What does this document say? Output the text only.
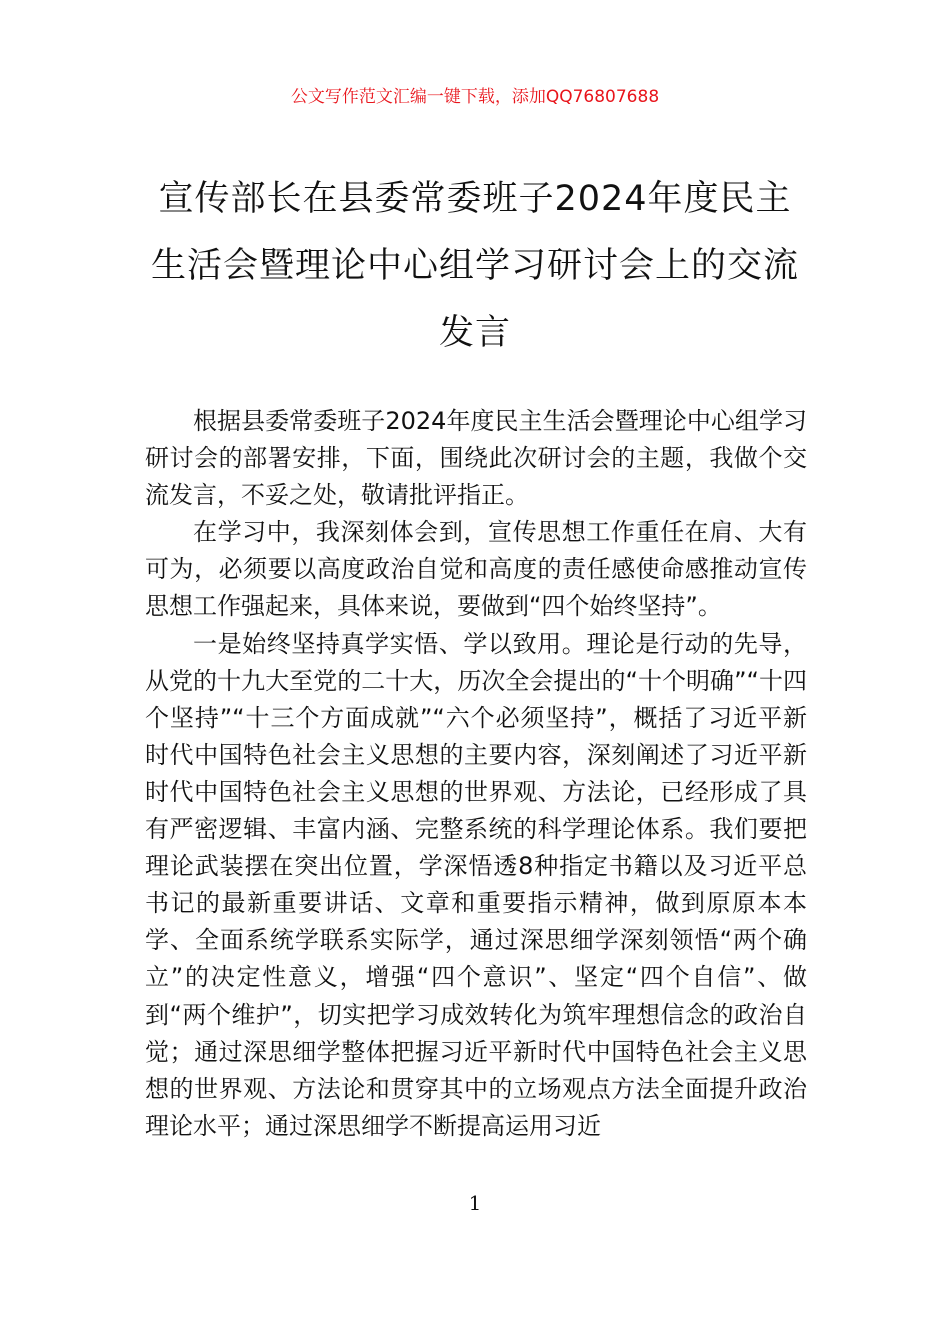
公文写作范文汇编一键下载，添加QQ76807688
宣传部长在县委常委班子2024年度民主生活会暨理论中心组学习研讨会上的交流发言

根据县委常委班子2024年度民主生活会暨理论中心组学习研讨会的部署安排，下面，围绕此次研讨会的主题，我做个交流发言，不妥之处，敬请批评指正。

在学习中，我深刻体会到，宣传思想工作重任在肩、大有可为，必须要以高度政治自觉和高度的责任感使命感推动宣传思想工作强起来，具体来说，要做到“四个始终坚持”。

一是始终坚持真学实悟、学以致用。理论是行动的先导，从党的十九大至党的二十大，历次全会提出的“十个明确”“十四个坚持”“十三个方面成就”“六个必须坚持”，概括了习近平新时代中国特色社会主义思想的主要内容，深刻阐述了习近平新时代中国特色社会主义思想的世界观、方法论，已经形成了具有严密逻辑、丰富内涵、完整系统的科学理论体系。我们要把理论武装摆在突出位置，学深悟透8种指定书籍以及习近平总书记的最新重要讲话、文章和重要指示精神，做到原原本本学、全面系统学联系实际学，通过深思细学深刻领悟“两个确立”的决定性意义，增强“四个意识”、坚定“四个自信”、做到“两个维护”，切实把学习成效转化为筑牢理想信念的政治自觉；通过深思细学整体把握习近平新时代中国特色社会主义思想的世界观、方法论和贯穿其中的立场观点方法全面提升政治理论水平；通过深思细学不断提高运用习近

1
